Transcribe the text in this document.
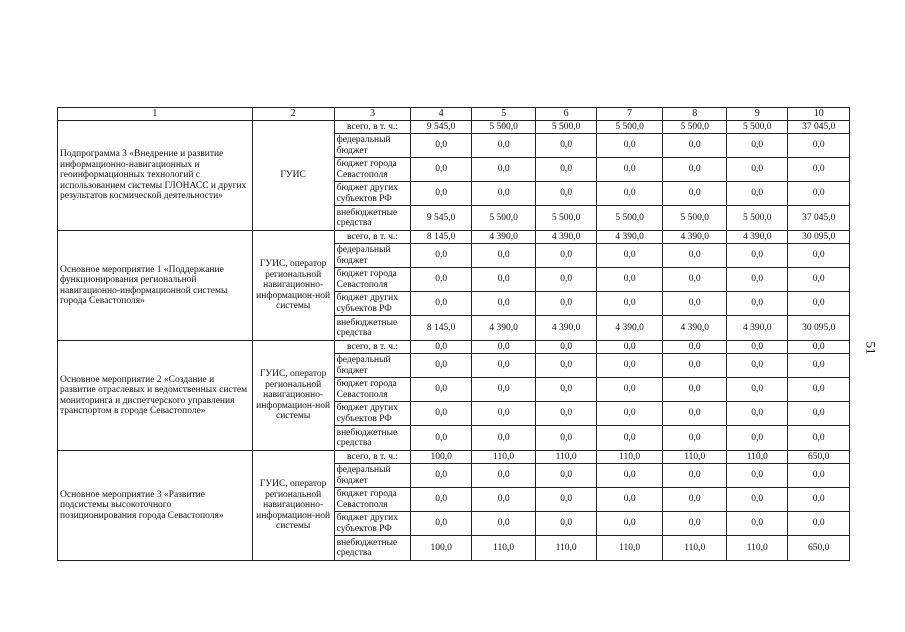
1	2	3	4	5	6	7	8	9	10
Подпрограмма 3 «Внедрение и развитие информационно-навигационных и геоинформационных технологий с использованием системы ГЛОНАСС и других результатов космической деятельности»	ГУИС	всего, в т. ч.:	9 545,0	5 500,0	5 500,0	5 500,0	5 500,0	5 500,0	37 045,0
		федеральный бюджет	0,0	0,0	0,0	0,0	0,0	0,0	0,0
		бюджет города Севастополя	0,0	0,0	0,0	0,0	0,0	0,0	0,0
		бюджет других субъектов РФ	0,0	0,0	0,0	0,0	0,0	0,0	0,0
		внебюджетные средства	9 545,0	5 500,0	5 500,0	5 500,0	5 500,0	5 500,0	37 045,0
Основное мероприятие 1 «Поддержание функционирования региональной навигационно-информационной системы города Севастополя»	ГУИС, оператор региональной навигационно-информацион-ной системы	всего, в т. ч.:	8 145,0	4 390,0	4 390,0	4 390,0	4 390,0	4 390,0	30 095,0
		федеральный бюджет	0,0	0,0	0,0	0,0	0,0	0,0	0,0
		бюджет города Севастополя	0,0	0,0	0,0	0,0	0,0	0,0	0,0
		бюджет других субъектов РФ	0,0	0,0	0,0	0,0	0,0	0,0	0,0
		внебюджетные средства	8 145,0	4 390,0	4 390,0	4 390,0	4 390,0	4 390,0	30 095,0
Основное мероприятие 2 «Создание и развитие отраслевых и ведомственных систем мониторинга и диспетчерского управления транспортом в городе Севастополе»	ГУИС, оператор региональной навигационно-информацион-ной системы	всего, в т. ч.:	0,0	0,0	0,0	0,0	0,0	0,0	0,0
		федеральный бюджет	0,0	0,0	0,0	0,0	0,0	0,0	0,0
		бюджет города Севастополя	0,0	0,0	0,0	0,0	0,0	0,0	0,0
		бюджет других субъектов РФ	0,0	0,0	0,0	0,0	0,0	0,0	0,0
		внебюджетные средства	0,0	0,0	0,0	0,0	0,0	0,0	0,0
Основное мероприятие 3 «Развитие подсистемы высокоточного позиционирования города Севастополя»	ГУИС, оператор региональной навигационно-информацион-ной системы	всего, в т. ч.:	100,0	110,0	110,0	110,0	110,0	110,0	650,0
		федеральный бюджет	0,0	0,0	0,0	0,0	0,0	0,0	0,0
		бюджет города Севастополя	0,0	0,0	0,0	0,0	0,0	0,0	0,0
		бюджет других субъектов РФ	0,0	0,0	0,0	0,0	0,0	0,0	0,0
		внебюджетные средства	100,0	110,0	110,0	110,0	110,0	110,0	650,0
51
